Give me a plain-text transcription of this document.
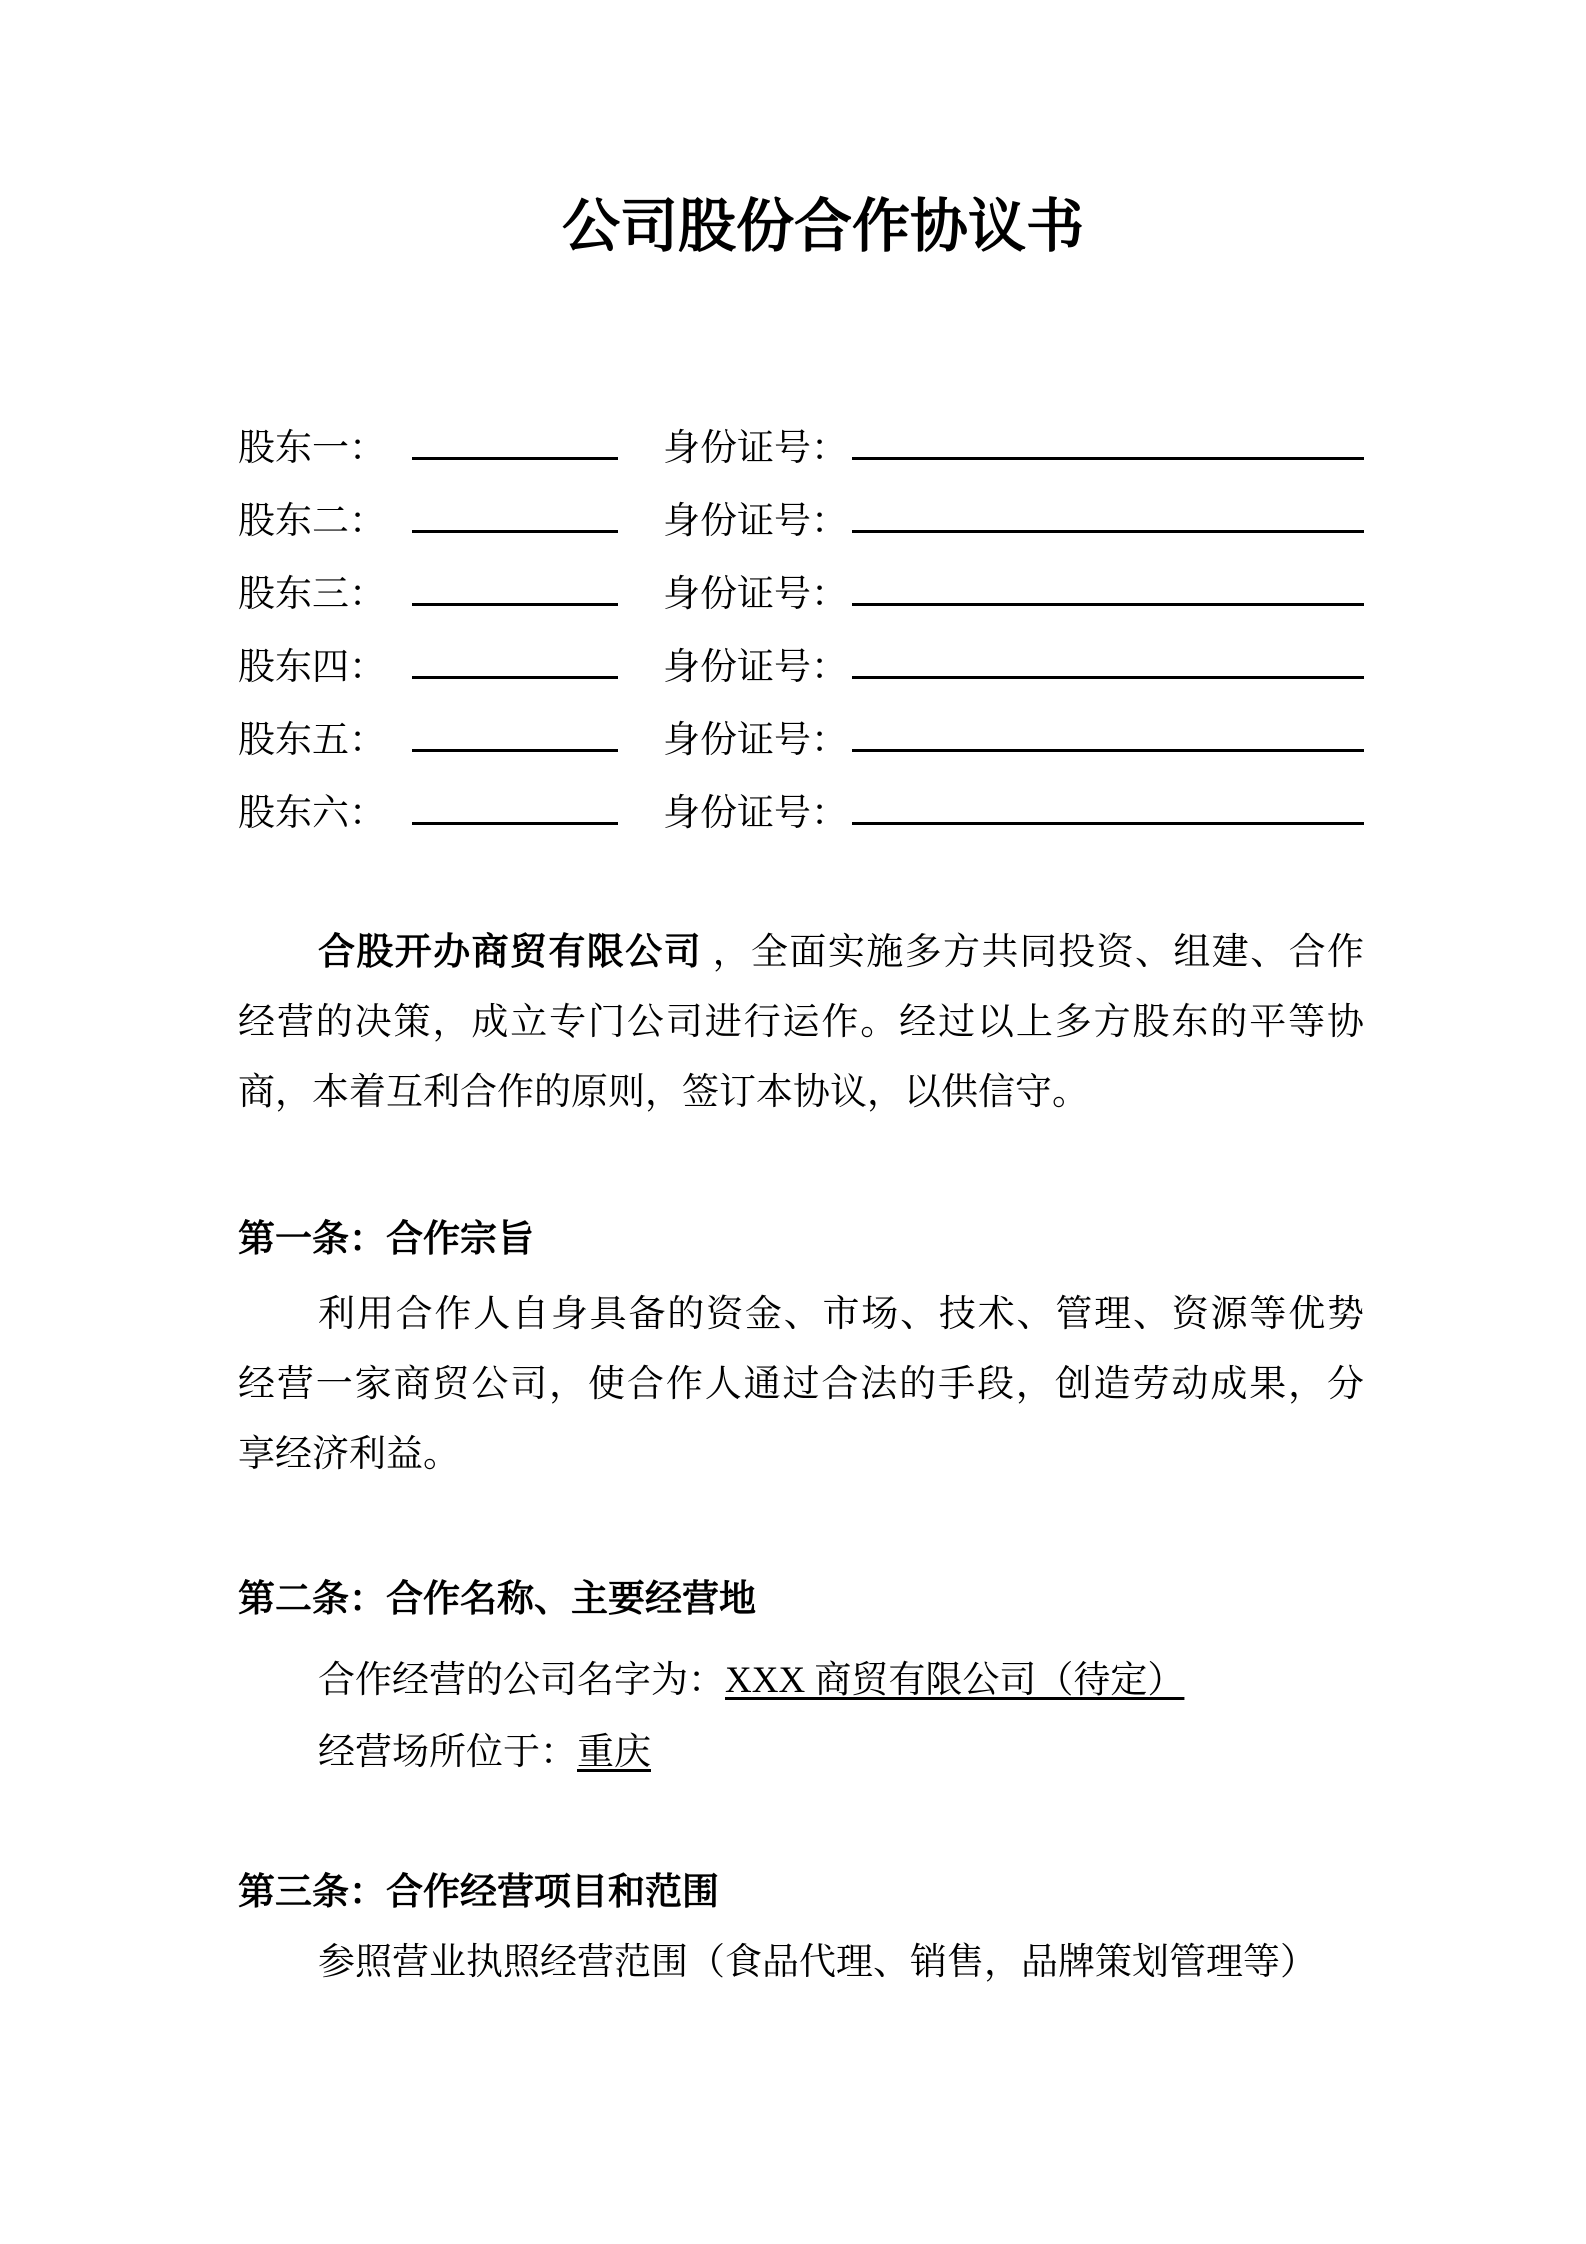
公司股份合作协议书
股东一：	身份证号：
股东二：	身份证号：
股东三：	身份证号：
股东四：	身份证号：
股东五：	身份证号：
股东六：	身份证号：
合股开办商贸有限公司 ，全面实施多方共同投资、组建、合作
经营的决策，成立专门公司进行运作。经过以上多方股东的平等协
商，本着互利合作的原则，签订本协议，以供信守。
第一条：合作宗旨
利用合作人自身具备的资金、市场、技术、管理、资源等优势
经营一家商贸公司，使合作人通过合法的手段，创造劳动成果，分
享经济利益。
第二条：合作名称、主要经营地
合作经营的公司名字为：XXX 商贸有限公司（待定）
经营场所位于：重庆
第三条：合作经营项目和范围
参照营业执照经营范围（食品代理、销售，品牌策划管理等）
